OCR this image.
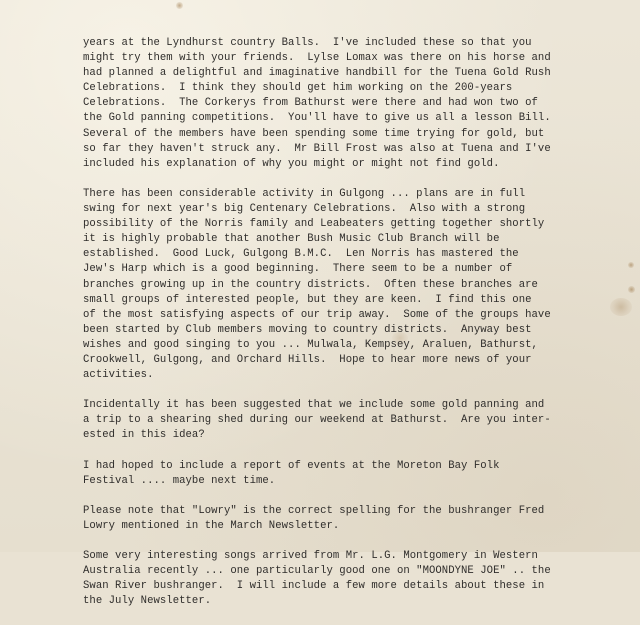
years at the Lyndhurst country Balls.  I've included these so that you
might try them with your friends.  Lylse Lomax was there on his horse and
had planned a delightful and imaginative handbill for the Tuena Gold Rush
Celebrations.  I think they should get him working on the 200-years
Celebrations.  The Corkerys from Bathurst were there and had won two of
the Gold panning competitions.  You'll have to give us all a lesson Bill.
Several of the members have been spending some time trying for gold, but
so far they haven't struck any.  Mr Bill Frost was also at Tuena and I've
included his explanation of why you might or might not find gold.
There has been considerable activity in Gulgong ... plans are in full
swing for next year's big Centenary Celebrations.  Also with a strong
possibility of the Norris family and Leabeaters getting together shortly
it is highly probable that another Bush Music Club Branch will be
established.  Good Luck, Gulgong B.M.C.  Len Norris has mastered the
Jew's Harp which is a good beginning.  There seem to be a number of
branches growing up in the country districts.  Often these branches are
small groups of interested people, but they are keen.  I find this one
of the most satisfying aspects of our trip away.  Some of the groups have
been started by Club members moving to country districts.  Anyway best
wishes and good singing to you ... Mulwala, Kempsey, Araluen, Bathurst,
Crookwell, Gulgong, and Orchard Hills.  Hope to hear more news of your
activities.
Incidentally it has been suggested that we include some gold panning and
a trip to a shearing shed during our weekend at Bathurst.  Are you inter-
ested in this idea?
I had hoped to include a report of events at the Moreton Bay Folk
Festival .... maybe next time.
Please note that "Lowry" is the correct spelling for the bushranger Fred
Lowry mentioned in the March Newsletter.
Some very interesting songs arrived from Mr. L.G. Montgomery in Western
Australia recently ... one particularly good one on "MOONDYNE JOE" .. the
Swan River bushranger.  I will include a few more details about these in
the July Newsletter.
